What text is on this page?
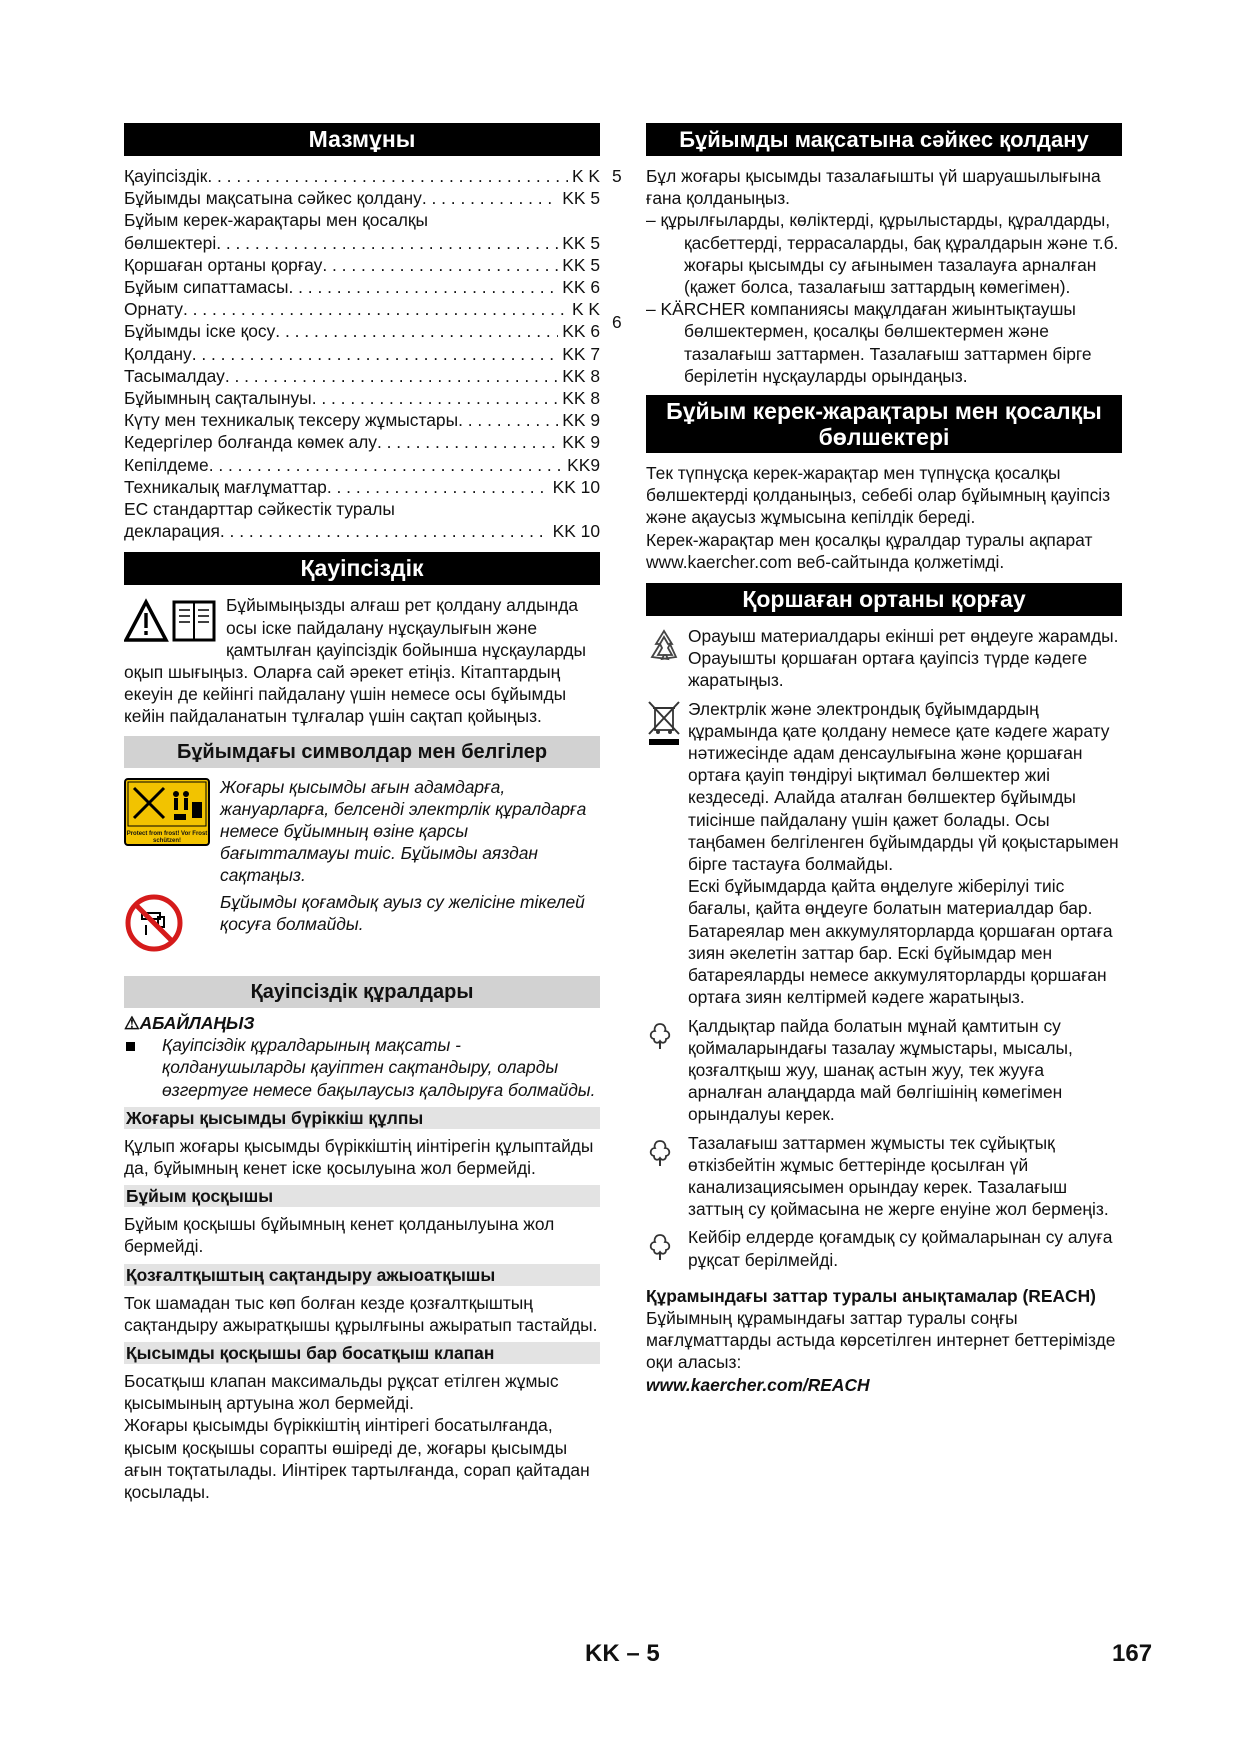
Мазмұны
Қауіпсіздік . . .	K K
Бұйымды мақсатына сәйкес қолдану . . .	KK 5
Бұйым керек-жарақтары мен қосалқы
бөлшектері . . .	KK 5
Қоршаған ортаны қорғау . . .	KK 5
Бұйым сипаттамасы . . .	KK 6
Орнату . . .	K K
Бұйымды іске қосу . . .	KK 6
Қолдану . . .	KK 7
Тасымалдау . . .	KK 8
Бұйымның сақталынуы . . .	KK 8
Күту мен техникалық тексеру жұмыстары . . .	KK 9
Кедергілер болғанда көмек алу . . .	KK 9
Кепілдеме . . .	KK9
Техникалық мағлұматтар . . .	KK 10
ЕС стандарттар сәйкестік туралы
декларация . . .	KK 10
Қауіпсіздік

Бұйымыңызды алғаш рет қолдану алдында осы іске пайдалану нұсқаулығын және қамтылған қауіпсіздік бойынша нұсқауларды оқып шығыңыз. Оларға сай әрекет етіңіз. Кітаптардың екеуін де кейінгі пайдалану үшін немесе осы бұйымды кейін пайдаланатын тұлғалар үшін сақтап қойыңыз.

Бұйымдағы символдар мен белгілер
Protect from frost! Vor Frost schützen!
Жоғары қысымды ағын адамдарға, жануарларға, белсенді электрлік құралдарға немесе бұйымның өзіне қарсы бағытталмауы тиіс. Бұйымды аяздан сақтаңыз.
Бұйымды қоғамдық ауыз су желісіне тікелей қосуға болмайды.
Қауіпсіздік құралдары
⚠АБАЙЛАҢЫЗ
Қауіпсіздік құралдарының мақсаты - қолданушыларды қауіптен сақтандыру, оларды өзгертуге немесе бақылаусыз қалдыруға болмайды.
Жоғары қысымды бүріккіш құлпы

Құлып жоғары қысымды бүріккіштің иінтірегін құлыптайды да, бұйымның кенет іске қосылуына жол бермейді.

Бұйым қосқышы

Бұйым қосқышы бұйымның кенет қолданылуына жол бермейді.

Қозғалтқыштың сақтандыру ажыоатқышы

Ток шамадан тыс көп болған кезде қозғалтқыштың сақтандыру ажыратқышы құрылғыны ажыратып тастайды.

Қысымды қосқышы бар босатқыш клапан

Босатқыш клапан максимальды рұқсат етілген жұмыс қысымының артуына жол бермейді.

Жоғары қысымды бүріккіштің иінтірегі босатылғанда, қысым қосқышы сорапты өшіреді де, жоғары қысымды ағын тоқтатылады. Иінтірек тартылғанда, сорап қайтадан қосылады.

5
6
Бұйымды мақсатына сәйкес қолдану

Бұл жоғары қысымды тазалағышты үй шаруашылығына ғана қолданыңыз.

– құрылғыларды, көліктерді, құрылыстарды, құралдарды, қасбеттерді, террасаларды, бақ құралдарын және т.б. жоғары қысымды су ағынымен тазалауға арналған (қажет болса, тазалағыш заттардың көмегімен).

– KÄRCHER компаниясы мақұлдаған жиынтықтаушы бөлшектермен, қосалқы бөлшектермен және тазалағыш заттармен. Тазалағыш заттармен бірге берілетін нұсқауларды орындаңыз.

Бұйым керек-жарақтары мен қосалқы бөлшектері

Тек түпнұсқа керек-жарақтар мен түпнұсқа қосалқы бөлшектерді қолданыңыз, себебі олар бұйымның қауіпсіз және ақаусыз жұмысына кепілдік береді.

Керек-жарақтар мен қосалқы құралдар туралы ақпарат www.kaercher.com веб-сайтында қолжетімді.

Қоршаған ортаны қорғау
Орауыш материалдары екінші рет өңдеуге жарамды. Орауышты қоршаған ортаға қауіпсіз түрде кәдеге жаратыңыз.

Электрлік және электрондық бұйымдардың құрамында қате қолдану немесе қате кәдеге жарату нәтижесінде адам денсаулығына және қоршаған ортаға қауіп төндіруі ықтимал бөлшектер жиі кездеседі. Алайда аталған бөлшектер бұйымды тиісінше пайдалану үшін қажет болады. Осы таңбамен белгіленген бұйымдарды үй қоқыстарымен бірге тастауға болмайды.

Ескі бұйымдарда қайта өңделуге жіберілуі тиіс бағалы, қайта өңдеуге болатын материалдар бар. Батареялар мен аккумуляторларда қоршаған ортаға зиян әкелетін заттар бар. Ескі бұйымдар мен батареяларды немесе аккумуляторларды қоршаған ортаға зиян келтірмей кәдеге жаратыңыз.

Қалдықтар пайда болатын мұнай қамтитын су қоймаларындағы тазалау жұмыстары, мысалы, қозғалтқыш жуу, шанақ астын жуу, тек жууға арналған алаңдарда май бөлгішінің көмегімен орындалуы керек.
Тазалағыш заттармен жұмысты тек сұйықтық өткізбейтін жұмыс беттерінде қосылған үй канализациясымен орындау керек. Тазалағыш заттың су қоймасына не жерге енуіне жол бермеңіз.
Кейбір елдерде қоғамдық су қоймаларынан су алуға рұқсат берілмейді.
Құрамындағы заттар туралы анықтамалар (REACH)

Бұйымның құрамындағы заттар туралы соңғы мағлұматтарды астыда көрсетілген интернет беттерімізде оқи аласыз:

www.kaercher.com/REACH

KK – 5	167
